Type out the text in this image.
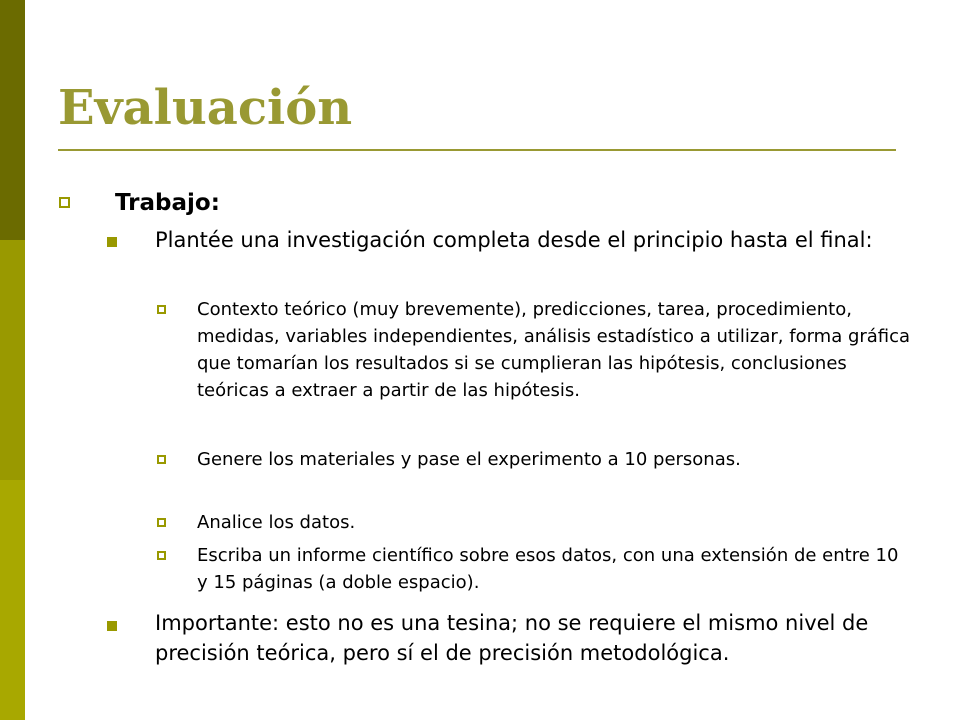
Evaluación
Trabajo:
Plantée una investigación completa desde el principio hasta el final:
Contexto teórico (muy brevemente), predicciones, tarea, procedimiento, medidas, variables independientes, análisis estadístico a utilizar, forma gráfica que tomarían los resultados si se cumplieran las hipótesis, conclusiones teóricas a extraer a partir de las hipótesis.
Genere los materiales y pase el experimento a 10 personas.
Analice los datos.
Escriba un informe científico sobre esos datos, con una extensión de entre 10 y 15 páginas (a doble espacio).
Importante: esto no es una tesina; no se requiere el mismo nivel de precisión teórica, pero sí el de precisión metodológica.
